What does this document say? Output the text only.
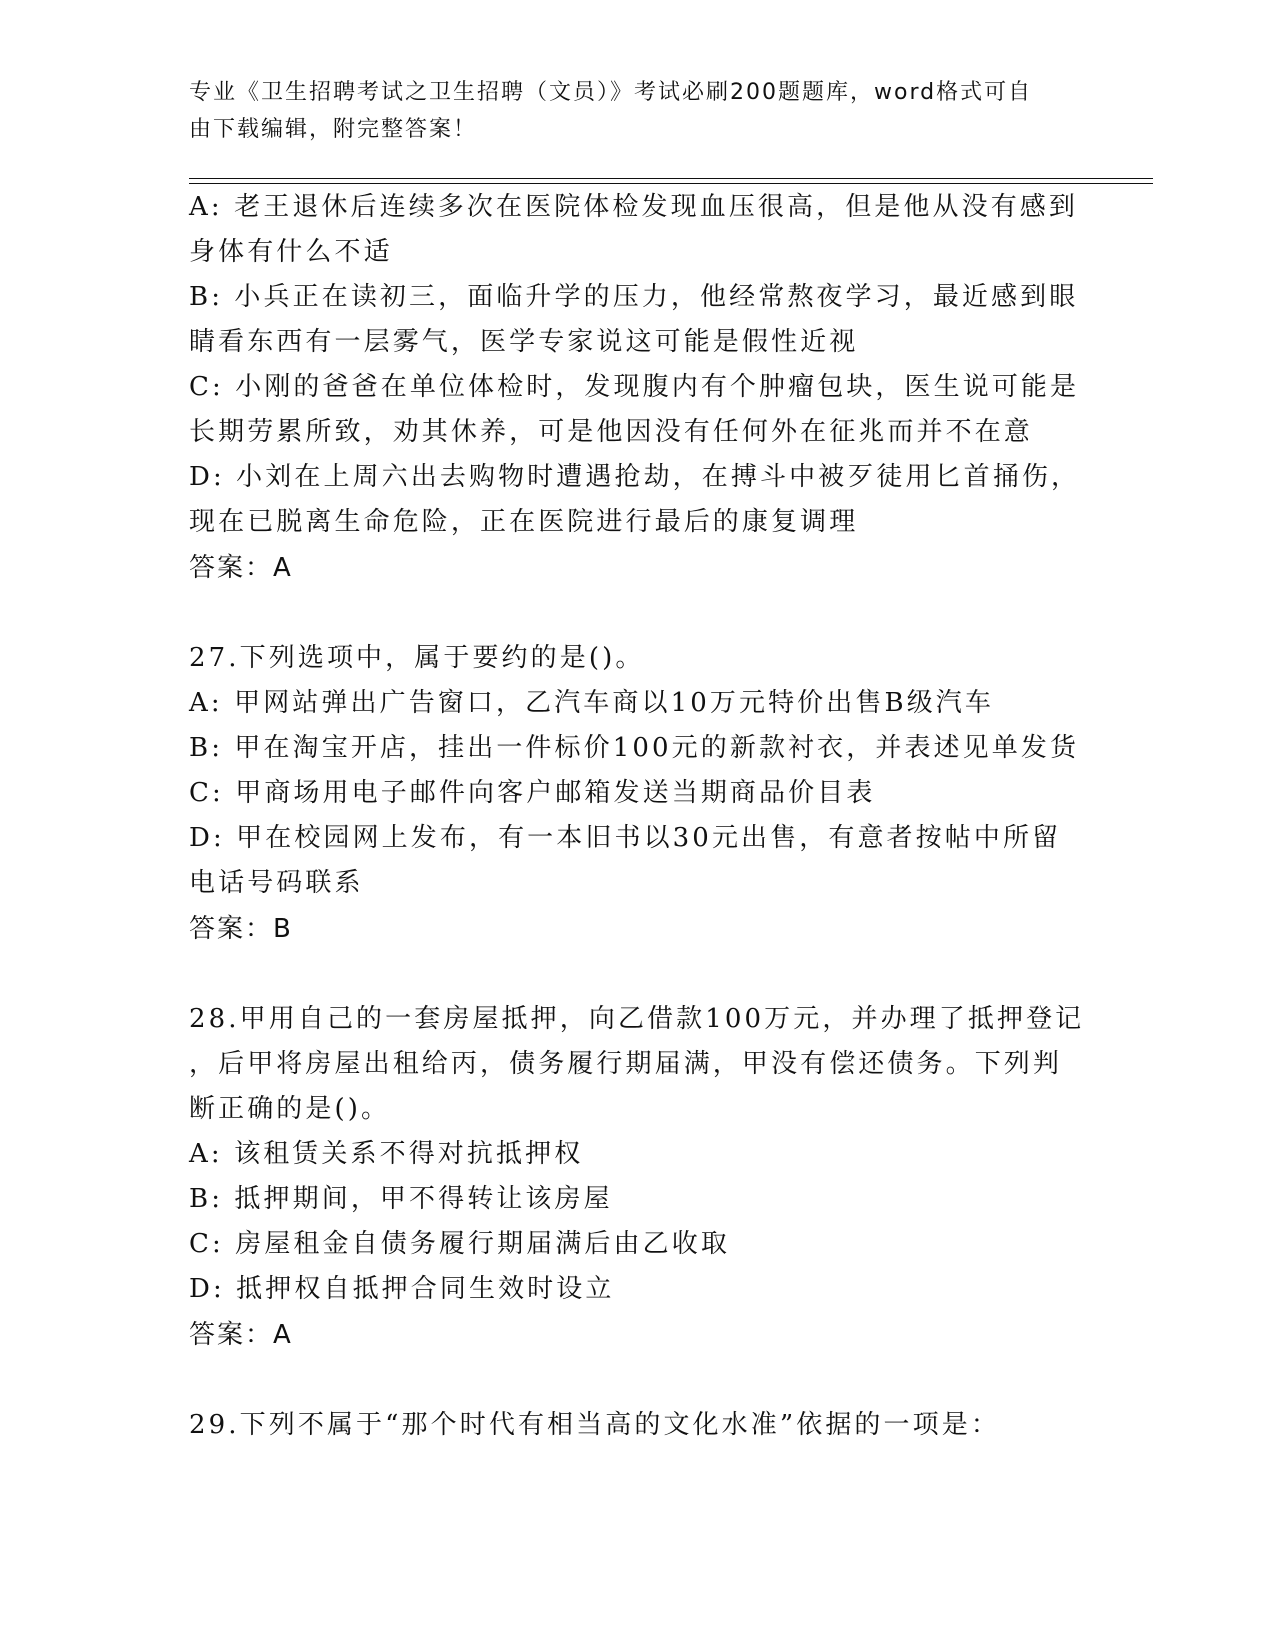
专业《卫生招聘考试之卫生招聘（文员）》考试必刷200题题库，word格式可自
由下载编辑，附完整答案！
A: 老王退休后连续多次在医院体检发现血压很高，但是他从没有感到
身体有什么不适
B: 小兵正在读初三，面临升学的压力，他经常熬夜学习，最近感到眼
睛看东西有一层雾气，医学专家说这可能是假性近视
C: 小刚的爸爸在单位体检时，发现腹内有个肿瘤包块，医生说可能是
长期劳累所致，劝其休养，可是他因没有任何外在征兆而并不在意
D: 小刘在上周六出去购物时遭遇抢劫，在搏斗中被歹徒用匕首捅伤，
现在已脱离生命危险，正在医院进行最后的康复调理
答案：A
27.下列选项中，属于要约的是()。
A: 甲网站弹出广告窗口，乙汽车商以10万元特价出售B级汽车
B: 甲在淘宝开店，挂出一件标价100元的新款衬衣，并表述见单发货
C: 甲商场用电子邮件向客户邮箱发送当期商品价目表
D: 甲在校园网上发布，有一本旧书以30元出售，有意者按帖中所留
电话号码联系
答案：B
28.甲用自己的一套房屋抵押，向乙借款100万元，并办理了抵押登记
，后甲将房屋出租给丙，债务履行期届满，甲没有偿还债务。下列判
断正确的是()。
A: 该租赁关系不得对抗抵押权
B: 抵押期间，甲不得转让该房屋
C: 房屋租金自债务履行期届满后由乙收取
D: 抵押权自抵押合同生效时设立
答案：A
29.下列不属于“那个时代有相当高的文化水准”依据的一项是：
